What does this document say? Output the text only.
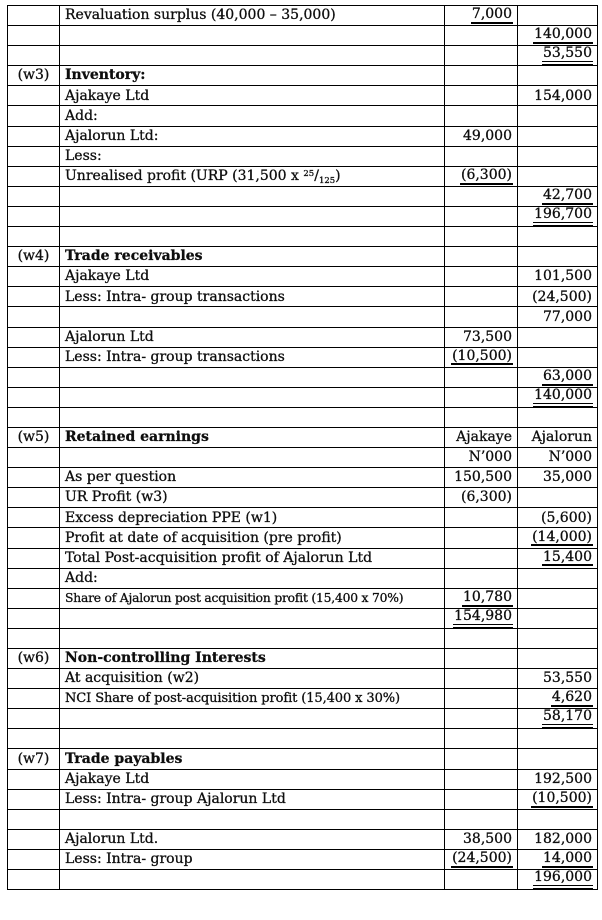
	Revaluation surplus (40,000 – 35,000)	7,000	
			140,000
			53,550
(w3)	Inventory:		
	Ajakaye Ltd		154,000
	Add:		
	Ajalorun Ltd:	49,000	
	Less:		
	Unrealised profit (URP (31,500 x $^{25}/_{125}$)	(6,300)	
			42,700
			196,700

(w4)	Trade receivables		
	Ajakaye Ltd		101,500
	Less: Intra- group transactions		(24,500)
			77,000
	Ajalorun Ltd	73,500	
	Less: Intra- group transactions	(10,500)	
			63,000
			140,000

(w5)	Retained earnings	Ajakaye	Ajalorun
		N’000	N’000
	As per question	150,500	35,000
	UR Profit (w3)	(6,300)	
	Excess depreciation PPE (w1)		(5,600)
	Profit at date of acquisition (pre profit)		(14,000)
	Total Post-acquisition profit of Ajalorun Ltd		15,400
	Add:		
	Share of Ajalorun post acquisition profit (15,400 x 70%)	10,780	
		154,980	

(w6)	Non-controlling Interests		
	At acquisition (w2)		53,550
	NCI Share of post-acquisition profit (15,400 x 30%)		4,620
			58,170

(w7)	Trade payables		
	Ajakaye Ltd		192,500
	Less: Intra- group Ajalorun Ltd		(10,500)

	Ajalorun Ltd.	38,500	182,000
	Less: Intra- group	(24,500)	14,000
			196,000
